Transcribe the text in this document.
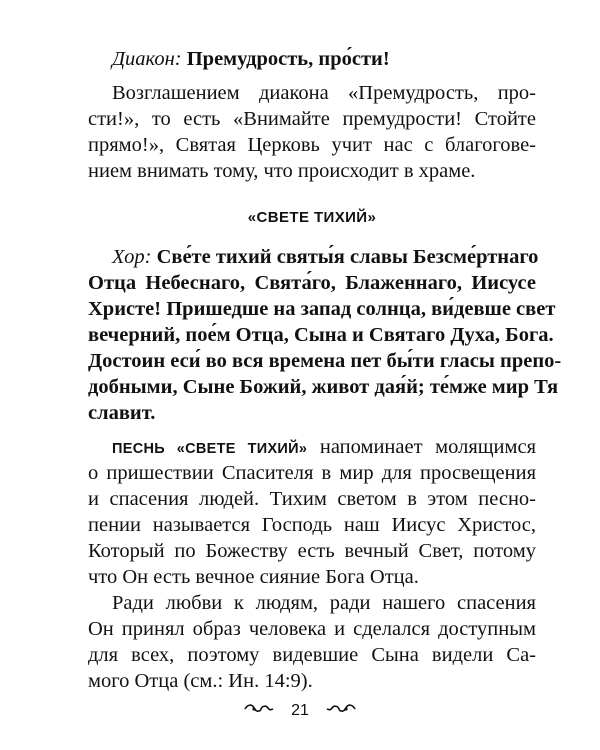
Диакон: Премудрость, про́сти!
Возглашением диакона «Премудрость, про-
сти!», то есть «Внимайте премудрости! Стойте
прямо!», Святая Церковь учит нас с благогове-
нием внимать тому, что происходит в храме.
«СВЕТЕ ТИХИЙ»
Хор: Све́те тихий святы́я славы Безсме́ртнаго
Отца Небеснаго, Свята́го, Блаженнаго, Иисусе
Христе! Пришедше на запад солнца, ви́девше свет
вечерний, пое́м Отца, Сына и Святаго Духа, Бога.
Достоин еси́ во вся времена пет бы́ти гласы препо-
добными, Сыне Божий, живот дая́й; те́мже мир Тя
славит.
ПЕСНЬ «СВЕТЕ ТИХИЙ» напоминает молящимся
о пришествии Спасителя в мир для просвещения
и спасения людей. Тихим светом в этом песно-
пении называется Господь наш Иисус Христос,
Который по Божеству есть вечный Свет, потому
что Он есть вечное сияние Бога Отца.
Ради любви к людям, ради нашего спасения
Он принял образ человека и сделался доступным
для всех, поэтому видевшие Сына видели Са-
мого Отца (см.: Ин. 14:9).
21
